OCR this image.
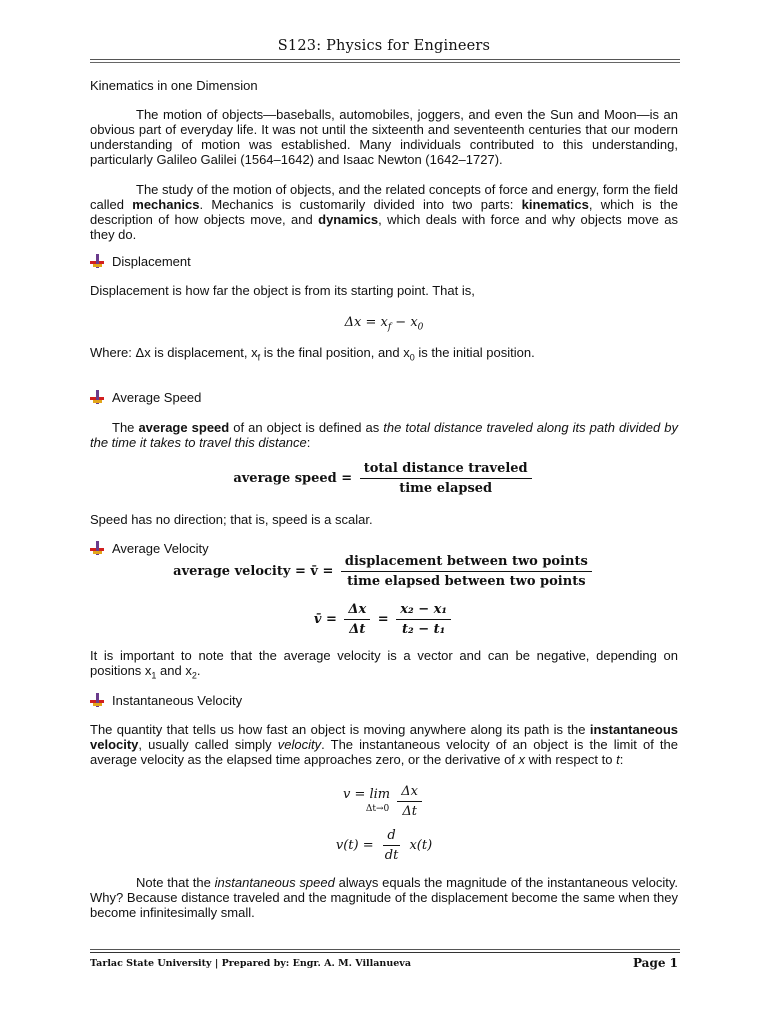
S123: Physics for Engineers

Kinematics in one Dimension

The motion of objects—baseballs, automobiles, joggers, and even the Sun and Moon—is an obvious part of everyday life. It was not until the sixteenth and seventeenth centuries that our modern understanding of motion was established. Many individuals contributed to this understanding, particularly Galileo Galilei (1564–1642) and Isaac Newton (1642–1727).

The study of the motion of objects, and the related concepts of force and energy, form the field called mechanics. Mechanics is customarily divided into two parts: kinematics, which is the description of how objects move, and dynamics, which deals with force and why objects move as they do.

Displacement

Displacement is how far the object is from its starting point. That is,

$\Delta x = x_f - x_0$

Where: Δx is displacement, $x_f$ is the final position, and $x_0$ is the initial position.

Average Speed

The average speed of an object is defined as the total distance traveled along its path divided by the time it takes to travel this distance:

average speed = $\frac{\text{total distance traveled}}{\text{time elapsed}}$

Speed has no direction; that is, speed is a scalar.

Average Velocity

average velocity = v̄ = $\frac{\text{displacement between two points}}{\text{time elapsed between two points}}$
v̄ = $\frac{\Delta x}{\Delta t} = \frac{\text{x₂ − x₁}}{\text{t₂ − t₁}}$

It is important to note that the average velocity is a vector and can be negative, depending on positions $x_1$ and $x_2$.

Instantaneous Velocity

The quantity that tells us how fast an object is moving anywhere along its path is the instantaneous velocity, usually called simply velocity. The instantaneous velocity of an object is the limit of the average velocity as the elapsed time approaches zero, or the derivative of x with respect to t:

v = lim
Δt→0
$\frac{\Delta x}{\Delta t}$
$v(t) = \frac{d}{dt} x(t)$

Note that the instantaneous speed always equals the magnitude of the instantaneous velocity. Why? Because distance traveled and the magnitude of the displacement become the same when they become infinitesimally small.

Tarlac State University | Prepared by: Engr. A. M. Villanueva	Page 1
